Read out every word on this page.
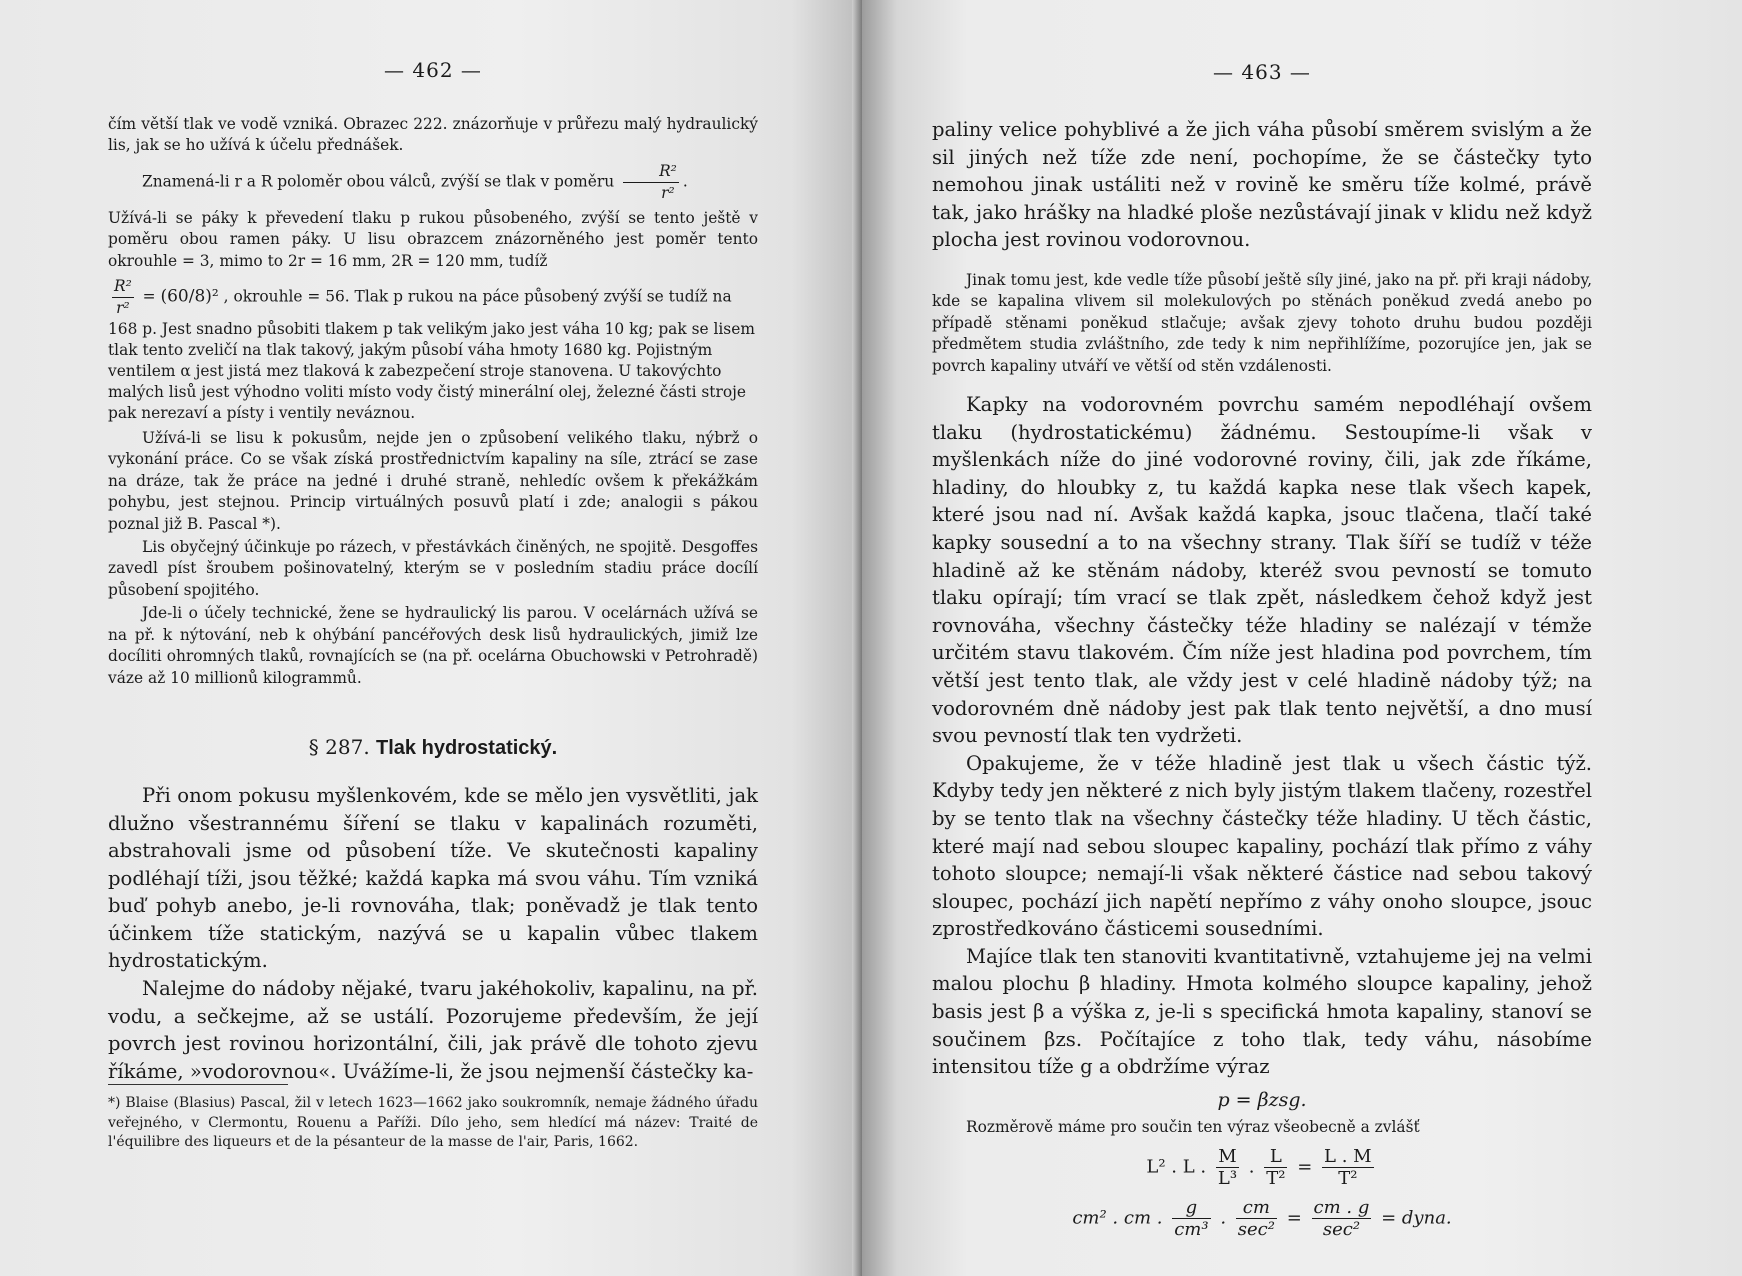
— 462 —

čím větší tlak ve vodě vzniká. Obrazec 222. znázorňuje v průřezu malý hydraulický lis, jak se ho užívá k účelu přednášek.

Znamená-li r a R poloměr obou válců, zvýší se tlak v poměru $\frac{\text{R²}}{\text{r²}}$ .

Užívá-li se páky k převedení tlaku p rukou působeného, zvýší se tento ještě v poměru obou ramen páky. U lisu obrazcem znázorněného jest poměr tento okrouhle = 3, mimo to 2r = 16 mm, 2R = 120 mm, tudíž

$\frac{\text{R²}}{\text{r²}} = (60/8)^2$ , okrouhle = 56. Tlak p rukou na páce působený zvýší se tudíž na 168 p. Jest snadno působiti tlakem p tak velikým jako jest váha 10 kg; pak se lisem tlak tento zveličí na tlak takový, jakým působí váha hmoty 1680 kg. Pojistným ventilem α jest jistá mez tlaková k zabezpečení stroje stanovena. U takovýchto malých lisů jest výhodno voliti místo vody čistý minerální olej, železné části stroje pak nerezaví a písty i ventily neváznou.

Užívá-li se lisu k pokusům, nejde jen o způsobení velikého tlaku, nýbrž o vykonání práce. Co se však získá prostřednictvím kapaliny na síle, ztrácí se zase na dráze, tak že práce na jedné i druhé straně, nehledíc ovšem k překážkám pohybu, jest stejnou. Princip virtuálných posuvů platí i zde; analogii s pákou poznal již B. Pascal *).

Lis obyčejný účinkuje po rázech, v přestávkách činěných, ne spojitě. Desgoffes zavedl píst šroubem pošinovatelný, kterým se v posledním stadiu práce docílí působení spojitého.

Jde-li o účely technické, žene se hydraulický lis parou. V ocelárnách užívá se na př. k nýtování, neb k ohýbání pancéřových desk lisů hydraulických, jimiž lze docíliti ohromných tlaků, rovnajících se (na př. ocelárna Obuchowski v Petrohradě) váze až 10 millionů kilogrammů.

§ 287. Tlak hydrostatický.

Při onom pokusu myšlenkovém, kde se mělo jen vysvětliti, jak dlužno všestrannému šíření se tlaku v kapalinách rozuměti, abstrahovali jsme od působení tíže. Ve skutečnosti kapaliny podléhají tíži, jsou těžké; každá kapka má svou váhu. Tím vzniká buď pohyb anebo, je-li rovnováha, tlak; poněvadž je tlak tento účinkem tíže statickým, nazývá se u kapalin vůbec tlakem hydrostatickým.

Nalejme do nádoby nějaké, tvaru jakéhokoliv, kapalinu, na př. vodu, a sečkejme, až se ustálí. Pozorujeme především, že její povrch jest rovinou horizontální, čili, jak právě dle tohoto zjevu říkáme, »vodorovnou«. Uvážíme-li, že jsou nejmenší částečky ka-

*) Blaise (Blasius) Pascal, žil v letech 1623—1662 jako soukromník, nemaje žádného úřadu veřejného, v Clermontu, Rouenu a Paříži. Dílo jeho, sem hledící má název: Traité de l'équilibre des liqueurs et de la pésanteur de la masse de l'air, Paris, 1662.

— 463 —

paliny velice pohyblivé a že jich váha působí směrem svislým a že sil jiných než tíže zde není, pochopíme, že se částečky tyto nemohou jinak ustáliti než v rovině ke směru tíže kolmé, právě tak, jako hrášky na hladké ploše nezůstávají jinak v klidu než když plocha jest rovinou vodorovnou.

Jinak tomu jest, kde vedle tíže působí ještě síly jiné, jako na př. při kraji nádoby, kde se kapalina vlivem sil molekulových po stěnách poněkud zvedá anebo po případě stěnami poněkud stlačuje; avšak zjevy tohoto druhu budou později předmětem studia zvláštního, zde tedy k nim nepřihlížíme, pozorujíce jen, jak se povrch kapaliny utváří ve větší od stěn vzdálenosti.

Kapky na vodorovném povrchu samém nepodléhají ovšem tlaku (hydrostatickému) žádnému. Sestoupíme-li však v myšlenkách níže do jiné vodorovné roviny, čili, jak zde říkáme, hladiny, do hloubky z, tu každá kapka nese tlak všech kapek, které jsou nad ní. Avšak každá kapka, jsouc tlačena, tlačí také kapky sousední a to na všechny strany. Tlak šíří se tudíž v téže hladině až ke stěnám nádoby, kteréž svou pevností se tomuto tlaku opírají; tím vrací se tlak zpět, následkem čehož když jest rovnováha, všechny částečky téže hladiny se nalézají v témže určitém stavu tlakovém. Čím níže jest hladina pod povrchem, tím větší jest tento tlak, ale vždy jest v celé hladině nádoby týž; na vodorovném dně nádoby jest pak tlak tento největší, a dno musí svou pevností tlak ten vydržeti.

Opakujeme, že v téže hladině jest tlak u všech částic týž. Kdyby tedy jen některé z nich byly jistým tlakem tlačeny, rozestřel by se tento tlak na všechny částečky téže hladiny. U těch částic, které mají nad sebou sloupec kapaliny, pochází tlak přímo z váhy tohoto sloupce; nemají-li však některé částice nad sebou takový sloupec, pochází jich napětí nepřímo z váhy onoho sloupce, jsouc zprostředkováno částicemi sousedními.

Majíce tlak ten stanoviti kvantitativně, vztahujeme jej na velmi malou plochu β hladiny. Hmota kolmého sloupce kapaliny, jehož basis jest β a výška z, je-li s specifická hmota kapaliny, stanoví se součinem βzs. Počítajíce z toho tlak, tedy váhu, násobíme intensitou tíže g a obdržíme výraz

p = βzsg.

Rozměrově máme pro součin ten výraz všeobecně a zvlášť

L² . L . $\frac{M}{\text{L³}}$ . $\frac{L}{\text{T²}} = \frac{L . M}{\text{T²}}$
cm² . cm . $\frac{g}{\text{cm³}}$ . $\frac{cm}{\text{sec²}} = \frac{cm . g}{\text{sec²}}$ = dyna.
